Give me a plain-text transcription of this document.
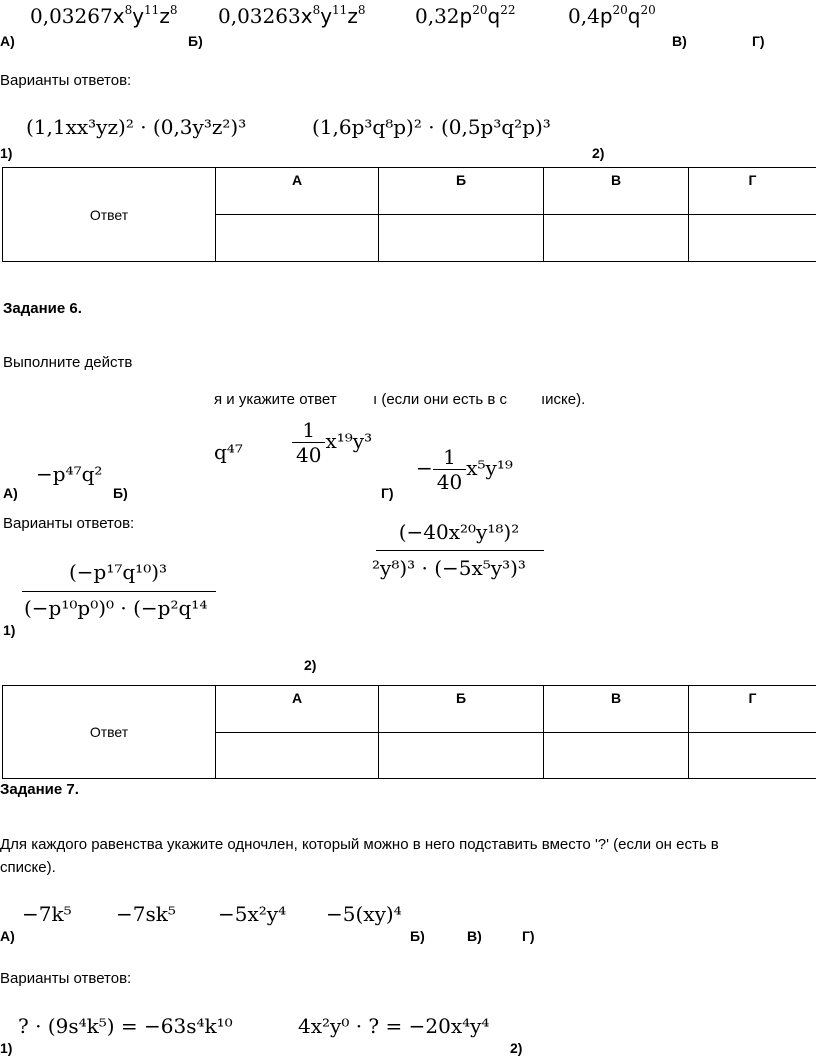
$0,03267x^8y^{11}z^8$ $0,03263x^8y^{11}z^8$ $0,32p^{20}q^{22}$	$0,4p^{20}q^{20}$
А)	Б)	В)	Г)
Варианты ответов:
(1,1xx³yz)² · (0,3y³z²)³	(1,6p³q⁸p)² · (0,5p³q²p)³
1)	2)
Ответ	А	Б	В	Г

Задание 6.
Выполните действ
я и укажите ответ ı (если они есть в с ıиске).
−p⁴⁷q²
$q^{47} \frac{1}{40} x^{19}y^3$
− $\frac{1}{40} x^5y^{19}$
А)	Б)	Г)
Варианты ответов:
(−p¹⁷q¹⁰)³
(−p¹⁰p⁰)⁰ · (−p²q¹⁴
1)
(−40x²⁰y¹⁸)²
²y⁸)³ · (−5x⁵y³)³
2)
Ответ	А	Б	В	Г

Задание 7.
Для каждого равенства укажите одночлен, который можно в него подставить вместо '?' (если он есть в
списке).
−7k⁵ −7sk⁵ −5x²y⁴ −5(xy)⁴
А)	Б)	В)	Г)
Варианты ответов:
? · (9s⁴k⁵) = −63s⁴k¹⁰	4x²y⁰ · ? = −20x⁴y⁴
1)	2)
